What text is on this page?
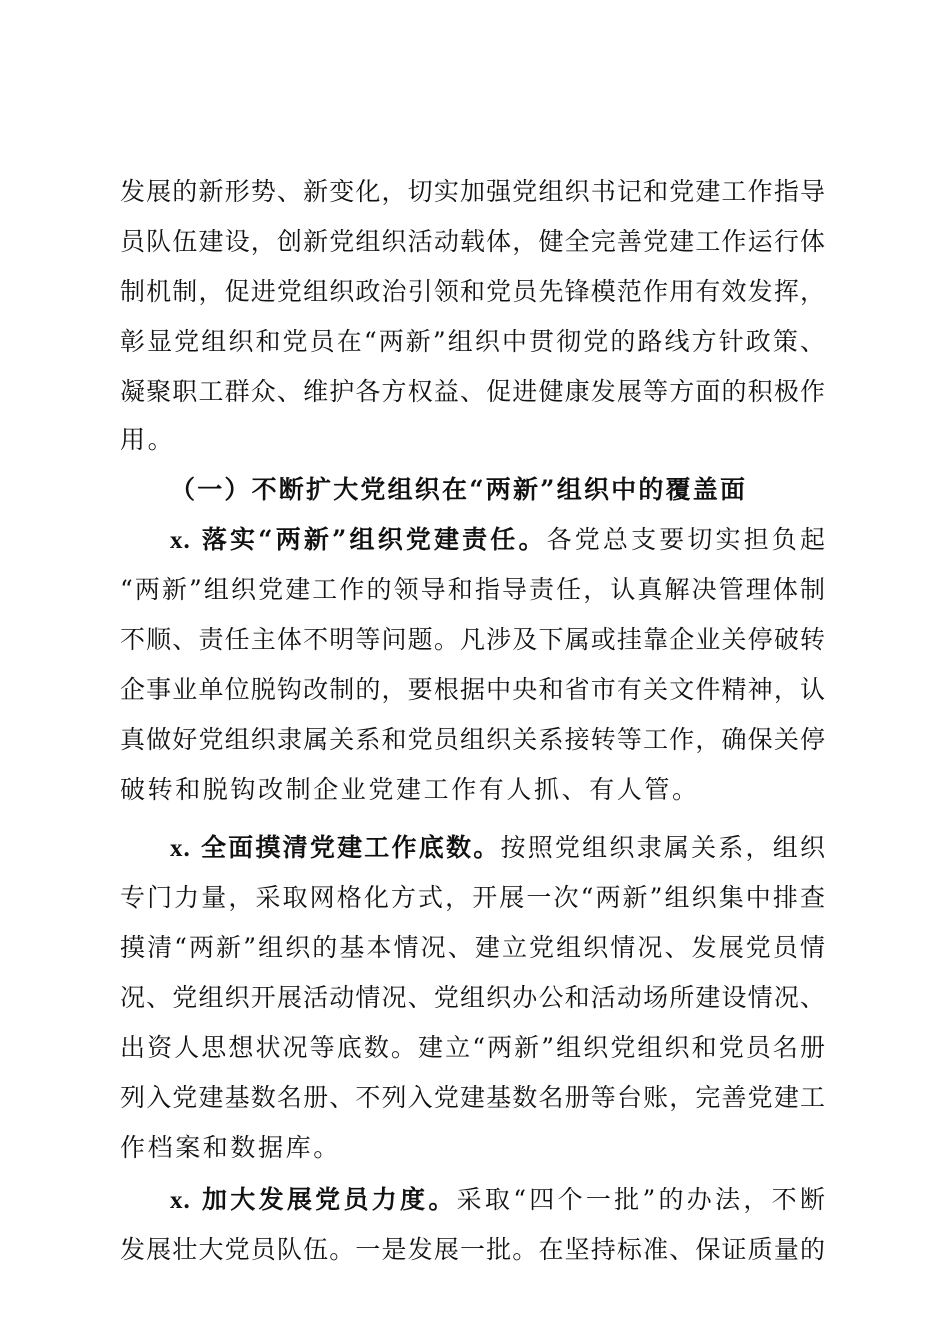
发展的新形势、新变化，切实加强党组织书记和党建工作指导
员队伍建设，创新党组织活动载体，健全完善党建工作运行体
制机制，促进党组织政治引领和党员先锋模范作用有效发挥，
彰显党组织和党员在“两新”组织中贯彻党的路线方针政策、
凝聚职工群众、维护各方权益、促进健康发展等方面的积极作
用。
（一）不断扩大党组织在“两新”组织中的覆盖面
x. 落实“两新”组织党建责任。各党总支要切实担负起
“两新”组织党建工作的领导和指导责任，认真解决管理体制
不顺、责任主体不明等问题。凡涉及下属或挂靠企业关停破转
企事业单位脱钩改制的，要根据中央和省市有关文件精神，认
真做好党组织隶属关系和党员组织关系接转等工作，确保关停
破转和脱钩改制企业党建工作有人抓、有人管。
x. 全面摸清党建工作底数。按照党组织隶属关系，组织
专门力量，采取网格化方式，开展一次“两新”组织集中排查
摸清“两新”组织的基本情况、建立党组织情况、发展党员情
况、党组织开展活动情况、党组织办公和活动场所建设情况、
出资人思想状况等底数。建立“两新”组织党组织和党员名册
列入党建基数名册、不列入党建基数名册等台账，完善党建工
作档案和数据库。
x. 加大发展党员力度。采取“四个一批”的办法，不断
发展壮大党员队伍。一是发展一批。在坚持标准、保证质量的
